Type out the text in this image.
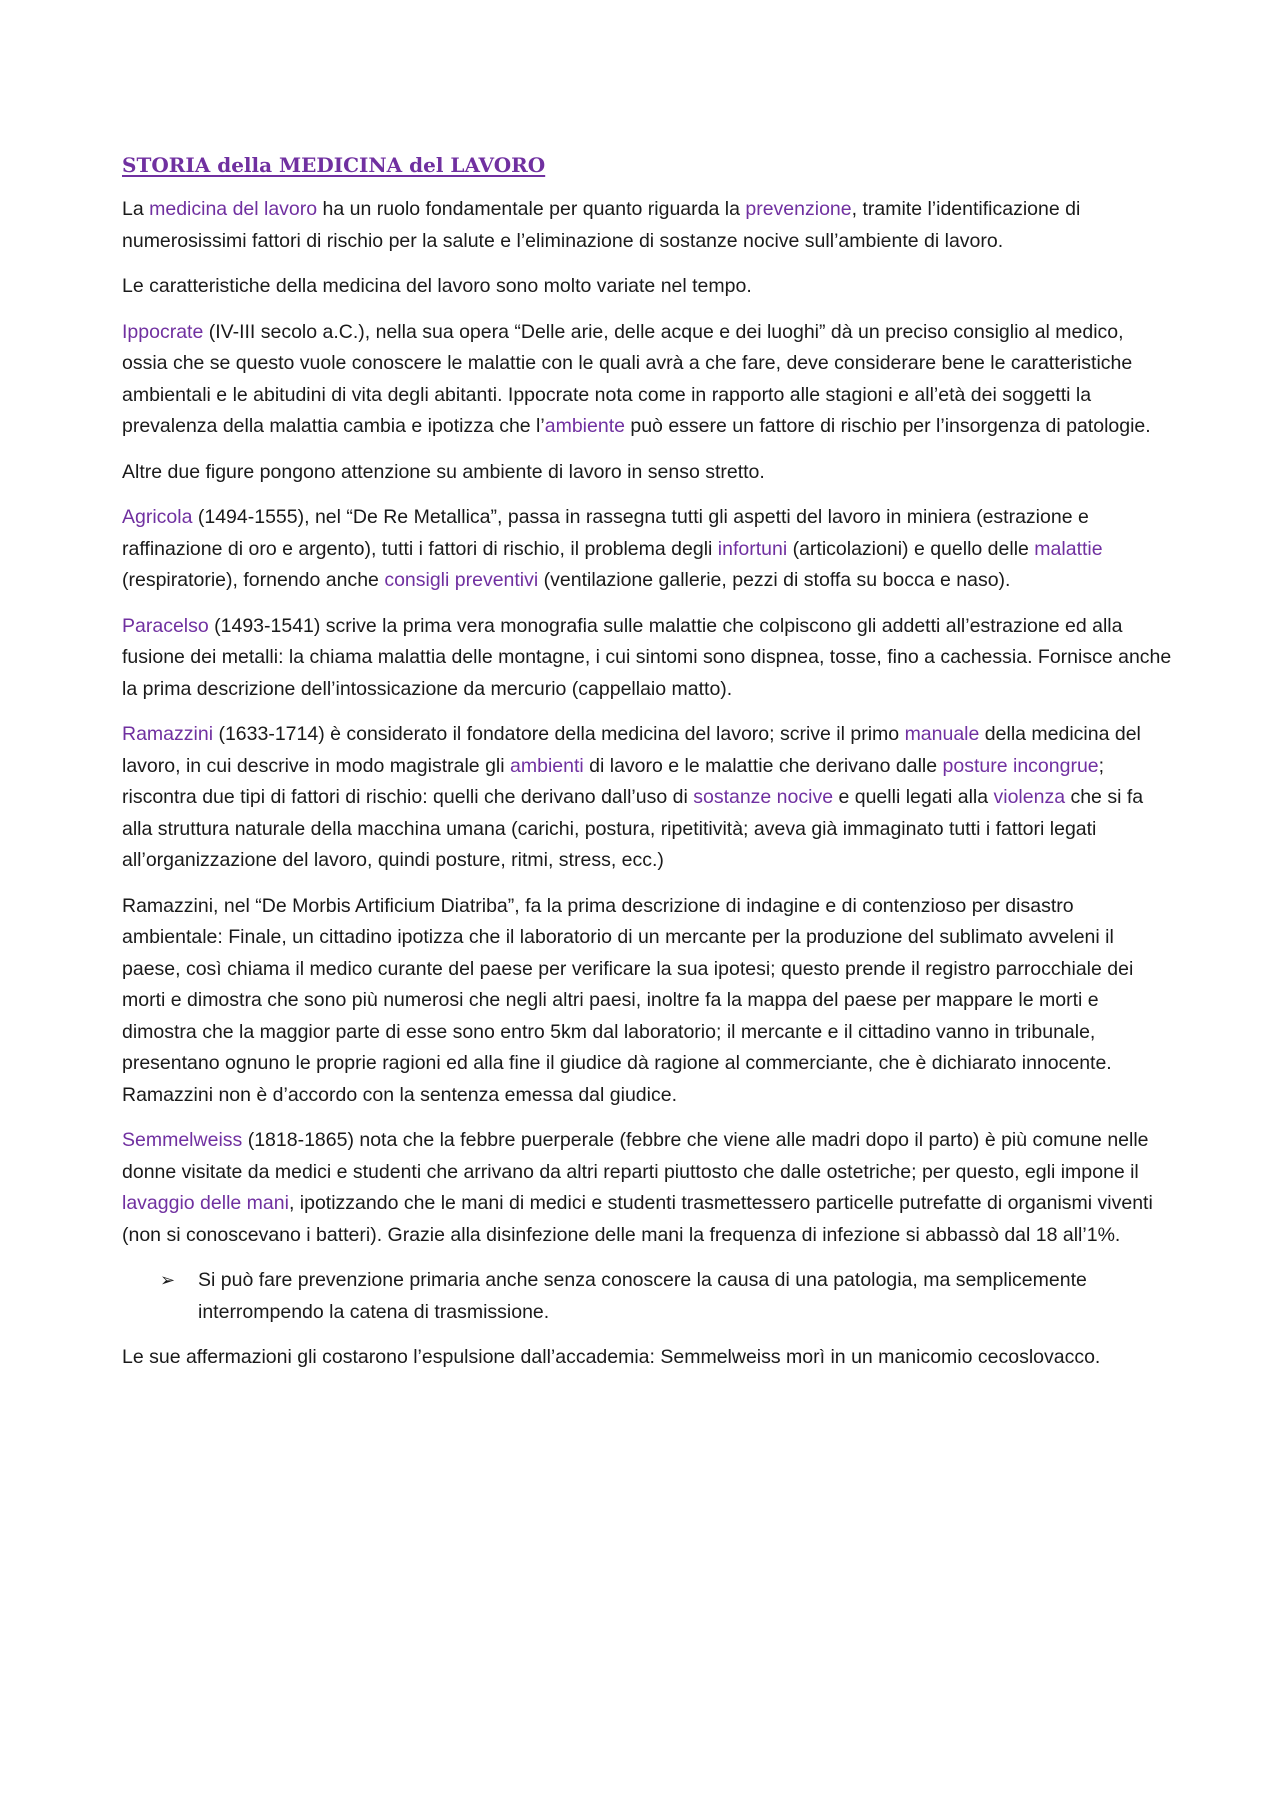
STORIA della MEDICINA del LAVORO

La medicina del lavoro ha un ruolo fondamentale per quanto riguarda la prevenzione, tramite l’identificazione di numerosissimi fattori di rischio per la salute e l’eliminazione di sostanze nocive sull’ambiente di lavoro.

Le caratteristiche della medicina del lavoro sono molto variate nel tempo.

Ippocrate (IV-III secolo a.C.), nella sua opera “Delle arie, delle acque e dei luoghi” dà un preciso consiglio al medico, ossia che se questo vuole conoscere le malattie con le quali avrà a che fare, deve considerare bene le caratteristiche ambientali e le abitudini di vita degli abitanti. Ippocrate nota come in rapporto alle stagioni e all’età dei soggetti la prevalenza della malattia cambia e ipotizza che l’ambiente può essere un fattore di rischio per l’insorgenza di patologie.

Altre due figure pongono attenzione su ambiente di lavoro in senso stretto.

Agricola (1494-1555), nel “De Re Metallica”, passa in rassegna tutti gli aspetti del lavoro in miniera (estrazione e raffinazione di oro e argento), tutti i fattori di rischio, il problema degli infortuni (articolazioni) e quello delle malattie (respiratorie), fornendo anche consigli preventivi (ventilazione gallerie, pezzi di stoffa su bocca e naso).

Paracelso (1493-1541) scrive la prima vera monografia sulle malattie che colpiscono gli addetti all’estrazione ed alla fusione dei metalli: la chiama malattia delle montagne, i cui sintomi sono dispnea, tosse, fino a cachessia. Fornisce anche la prima descrizione dell’intossicazione da mercurio (cappellaio matto).

Ramazzini (1633-1714) è considerato il fondatore della medicina del lavoro; scrive il primo manuale della medicina del lavoro, in cui descrive in modo magistrale gli ambienti di lavoro e le malattie che derivano dalle posture incongrue; riscontra due tipi di fattori di rischio: quelli che derivano dall’uso di sostanze nocive e quelli legati alla violenza che si fa alla struttura naturale della macchina umana (carichi, postura, ripetitività; aveva già immaginato tutti i fattori legati all’organizzazione del lavoro, quindi posture, ritmi, stress, ecc.)

Ramazzini, nel “De Morbis Artificium Diatriba”, fa la prima descrizione di indagine e di contenzioso per disastro ambientale: Finale, un cittadino ipotizza che il laboratorio di un mercante per la produzione del sublimato avveleni il paese, così chiama il medico curante del paese per verificare la sua ipotesi; questo prende il registro parrocchiale dei morti e dimostra che sono più numerosi che negli altri paesi, inoltre fa la mappa del paese per mappare le morti e dimostra che la maggior parte di esse sono entro 5km dal laboratorio; il mercante e il cittadino vanno in tribunale, presentano ognuno le proprie ragioni ed alla fine il giudice dà ragione al commerciante, che è dichiarato innocente. Ramazzini non è d’accordo con la sentenza emessa dal giudice.

Semmelweiss (1818-1865) nota che la febbre puerperale (febbre che viene alle madri dopo il parto) è più comune nelle donne visitate da medici e studenti che arrivano da altri reparti piuttosto che dalle ostetriche; per questo, egli impone il lavaggio delle mani, ipotizzando che le mani di medici e studenti trasmettessero particelle putrefatte di organismi viventi (non si conoscevano i batteri). Grazie alla disinfezione delle mani la frequenza di infezione si abbassò dal 18 all’1%.

➢	Si può fare prevenzione primaria anche senza conoscere la causa di una patologia, ma semplicemente interrompendo la catena di trasmissione.

Le sue affermazioni gli costarono l’espulsione dall’accademia: Semmelweiss morì in un manicomio cecoslovacco.
